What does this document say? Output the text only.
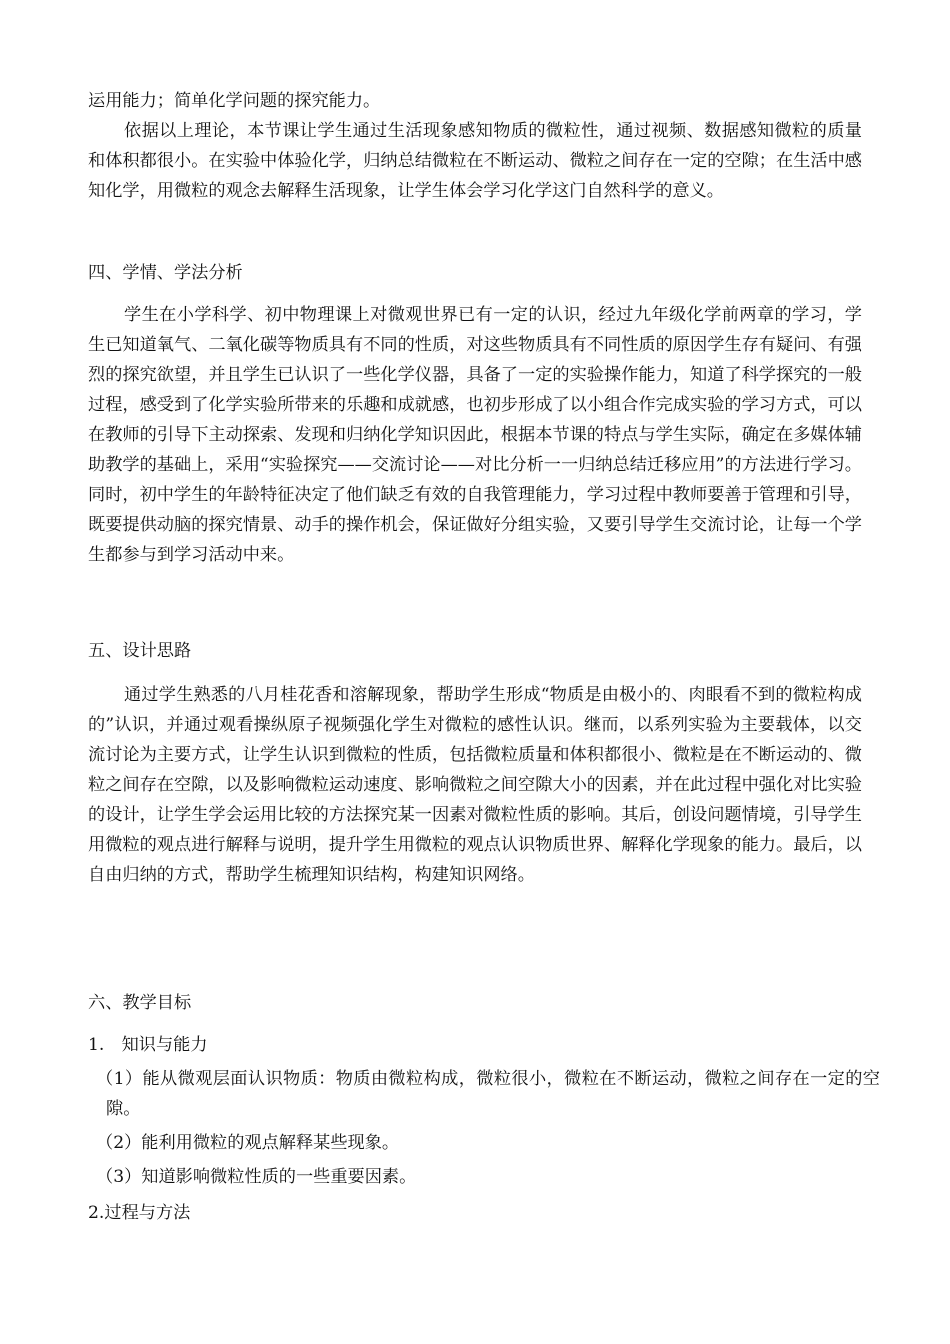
运用能力；简单化学问题的探究能力。

依据以上理论，本节课让学生通过生活现象感知物质的微粒性，通过视频、数据感知微粒的质量和体积都很小。在实验中体验化学，归纳总结微粒在不断运动、微粒之间存在一定的空隙；在生活中感知化学，用微粒的观念去解释生活现象，让学生体会学习化学这门自然科学的意义。

四、学情、学法分析

学生在小学科学、初中物理课上对微观世界已有一定的认识，经过九年级化学前两章的学习，学生已知道氧气、二氧化碳等物质具有不同的性质，对这些物质具有不同性质的原因学生存有疑问、有强烈的探究欲望，并且学生已认识了一些化学仪器，具备了一定的实验操作能力，知道了科学探究的一般过程，感受到了化学实验所带来的乐趣和成就感，也初步形成了以小组合作完成实验的学习方式，可以在教师的引导下主动探索、发现和归纳化学知识因此，根据本节课的特点与学生实际，确定在多媒体辅助教学的基础上，采用“实验探究——交流讨论——对比分析一一归纳总结迁移应用”的方法进行学习。同时，初中学生的年龄特征决定了他们缺乏有效的自我管理能力，学习过程中教师要善于管理和引导，既要提供动脑的探究情景、动手的操作机会，保证做好分组实验，又要引导学生交流讨论，让每一个学生都参与到学习活动中来。

五、设计思路

通过学生熟悉的八月桂花香和溶解现象，帮助学生形成“物质是由极小的、肉眼看不到的微粒构成的”认识，并通过观看操纵原子视频强化学生对微粒的感性认识。继而，以系列实验为主要载体，以交流讨论为主要方式，让学生认识到微粒的性质，包括微粒质量和体积都很小、微粒是在不断运动的、微粒之间存在空隙，以及影响微粒运动速度、影响微粒之间空隙大小的因素，并在此过程中强化对比实验的设计，让学生学会运用比较的方法探究某一因素对微粒性质的影响。其后，创设问题情境，引导学生用微粒的观点进行解释与说明，提升学生用微粒的观点认识物质世界、解释化学现象的能力。最后，以自由归纳的方式，帮助学生梳理知识结构，构建知识网络。

六、教学目标

1.　知识与能力

（1）能从微观层面认识物质：物质由微粒构成，微粒很小，微粒在不断运动，微粒之间存在一定的空隙。

（2）能利用微粒的观点解释某些现象。

（3）知道影响微粒性质的一些重要因素。

2.过程与方法
